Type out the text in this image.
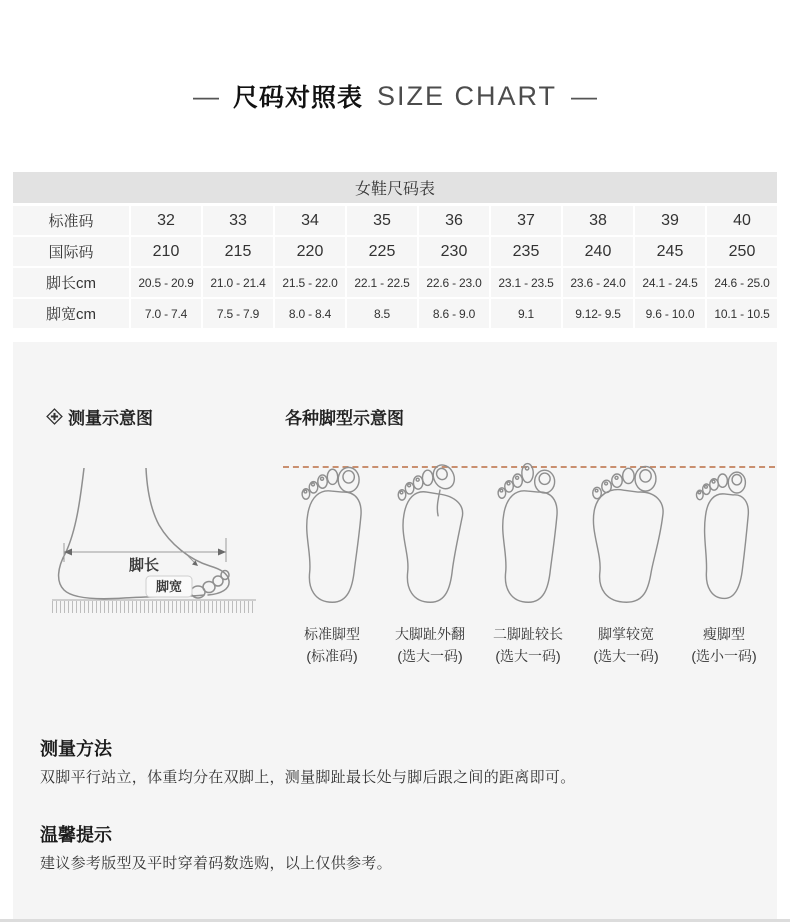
— 尺码对照表 SIZE CHART —
女鞋尺码表
标准码	32	33	34	35	36	37	38	39	40
国际码	210	215	220	225	230	235	240	245	250
脚长cm	20.5 - 20.9	21.0 - 21.4	21.5 - 22.0	22.1 - 22.5	22.6 - 23.0	23.1 - 23.5	23.6 - 24.0	24.1 - 24.5	24.6 - 25.0
脚宽cm	7.0 - 7.4	7.5 - 7.9	8.0 - 8.4	8.5	8.6 - 9.0	9.1	9.12- 9.5	9.6 - 10.0	10.1 - 10.5
测量示意图	各种脚型示意图
脚长
脚宽
标准脚型
(标准码)
大脚趾外翻
(选大一码)
二脚趾较长
(选大一码)
脚掌较宽
(选大一码)
瘦脚型
(选小一码)
测量方法
双脚平行站立，体重均分在双脚上，测量脚趾最长处与脚后跟之间的距离即可。
温馨提示
建议参考版型及平时穿着码数选购，以上仅供参考。
